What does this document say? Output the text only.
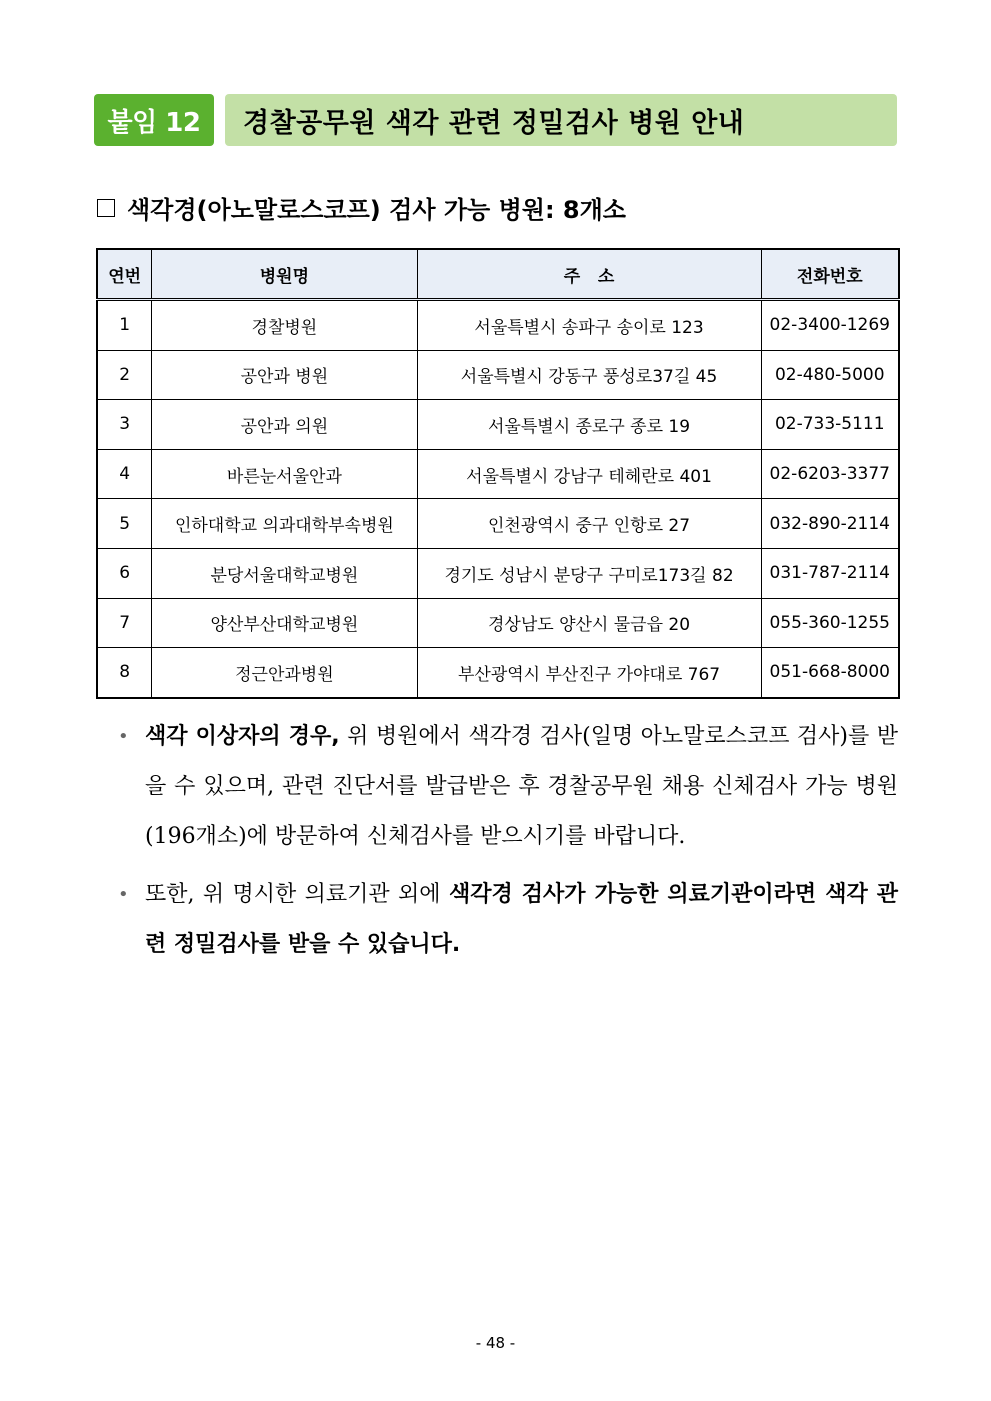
붙임 12	경찰공무원 색각 관련 정밀검사 병원 안내
색각경(아노말로스코프) 검사 가능 병원: 8개소
연번	병원명	주   소	전화번호
1	경찰병원	서울특별시 송파구 송이로 123	02-3400-1269
2	공안과 병원	서울특별시 강동구 풍성로37길 45	02-480-5000
3	공안과 의원	서울특별시 종로구 종로 19	02-733-5111
4	바른눈서울안과	서울특별시 강남구 테헤란로 401	02-6203-3377
5	인하대학교 의과대학부속병원	인천광역시 중구 인항로 27	032-890-2114
6	분당서울대학교병원	경기도 성남시 분당구 구미로173길 82	031-787-2114
7	양산부산대학교병원	경상남도 양산시 물금읍 20	055-360-1255
8	정근안과병원	부산광역시 부산진구 가야대로 767	051-668-8000
• 색각 이상자의 경우, 위 병원에서 색각경 검사(일명 아노말로스코프 검사)를 받을 수 있으며, 관련 진단서를 발급받은 후 경찰공무원 채용 신체검사 가능 병원(196개소)에 방문하여 신체검사를 받으시기를 바랍니다.
• 또한, 위 명시한 의료기관 외에 색각경 검사가 가능한 의료기관이라면 색각 관련 정밀검사를 받을 수 있습니다.
- 48 -
